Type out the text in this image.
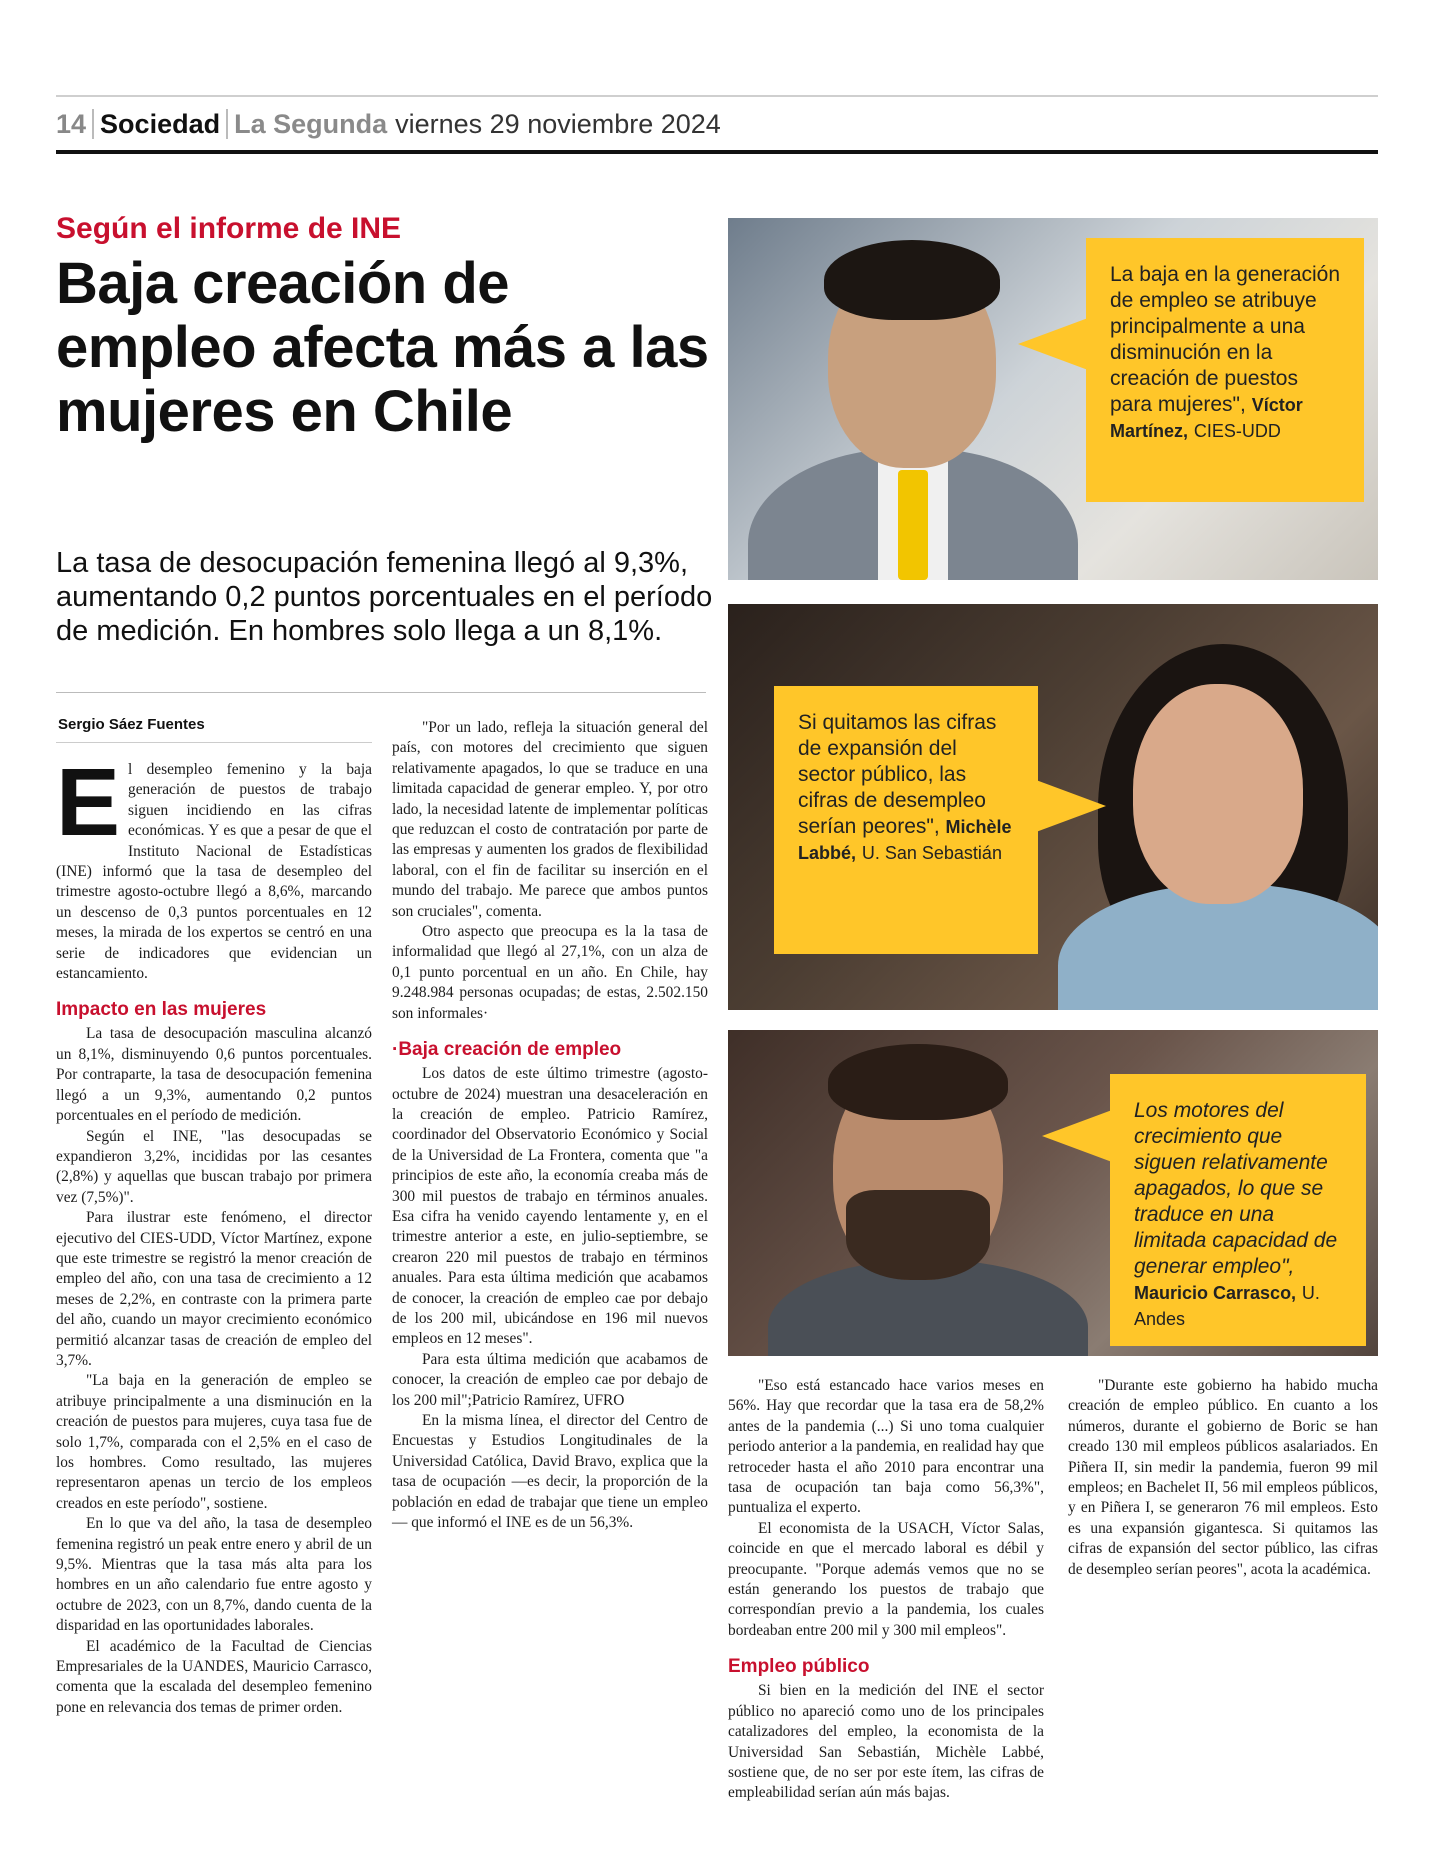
14 Sociedad La Segunda viernes 29 noviembre 2024
Según el informe de INE
Baja creación de empleo afecta más a las mujeres en Chile
La tasa de desocupación femenina llegó al 9,3%, aumentando 0,2 puntos porcentuales en el período de medición. En hombres solo llega a un 8,1%.
Sergio Sáez Fuentes

El desempleo femenino y la baja generación de puestos de trabajo siguen incidiendo en las cifras económicas. Y es que a pesar de que el Instituto Nacional de Estadísticas (INE) informó que la tasa de desempleo del trimestre agosto-octubre llegó a 8,6%, marcando un descenso de 0,3 puntos porcentuales en 12 meses, la mirada de los expertos se centró en una serie de indicadores que evidencian un estancamiento.

Impacto en las mujeres

La tasa de desocupación masculina alcanzó un 8,1%, disminuyendo 0,6 puntos porcentuales. Por contraparte, la tasa de desocupación femenina llegó a un 9,3%, aumentando 0,2 puntos porcentuales en el período de medición.

Según el INE, "las desocupadas se expandieron 3,2%, incididas por las cesantes (2,8%) y aquellas que buscan trabajo por primera vez (7,5%)".

Para ilustrar este fenómeno, el director ejecutivo del CIES-UDD, Víctor Martínez, expone que este trimestre se registró la menor creación de empleo del año, con una tasa de crecimiento a 12 meses de 2,2%, en contraste con la primera parte del año, cuando un mayor crecimiento económico permitió alcanzar tasas de creación de empleo del 3,7%.

"La baja en la generación de empleo se atribuye principalmente a una disminución en la creación de puestos para mujeres, cuya tasa fue de solo 1,7%, comparada con el 2,5% en el caso de los hombres. Como resultado, las mujeres representaron apenas un tercio de los empleos creados en este período", sostiene.

En lo que va del año, la tasa de desempleo femenina registró un peak entre enero y abril de un 9,5%. Mientras que la tasa más alta para los hombres en un año calendario fue entre agosto y octubre de 2023, con un 8,7%, dando cuenta de la disparidad en las oportunidades laborales.

El académico de la Facultad de Ciencias Empresariales de la UANDES, Mauricio Carrasco, comenta que la escalada del desempleo femenino pone en relevancia dos temas de primer orden.

"Por un lado, refleja la situación general del país, con motores del crecimiento que siguen relativamente apagados, lo que se traduce en una limitada capacidad de generar empleo. Y, por otro lado, la necesidad latente de implementar políticas que reduzcan el costo de contratación por parte de las empresas y aumenten los grados de flexibilidad laboral, con el fin de facilitar su inserción en el mundo del trabajo. Me parece que ambos puntos son cruciales", comenta.

Otro aspecto que preocupa es la la tasa de informalidad que llegó al 27,1%, con un alza de 0,1 punto porcentual en un año. En Chile, hay 9.248.984 personas ocupadas; de estas, 2.502.150 son informales·

·Baja creación de empleo

Los datos de este último trimestre (agosto-octubre de 2024) muestran una desaceleración en la creación de empleo. Patricio Ramírez, coordinador del Observatorio Económico y Social de la Universidad de La Frontera, comenta que "a principios de este año, la economía creaba más de 300 mil puestos de trabajo en términos anuales. Esa cifra ha venido cayendo lentamente y, en el trimestre anterior a este, en julio-septiembre, se crearon 220 mil puestos de trabajo en términos anuales. Para esta última medición que acabamos de conocer, la creación de empleo cae por debajo de los 200 mil, ubicándose en 196 mil nuevos empleos en 12 meses".

Para esta última medición que acabamos de conocer, la creación de empleo cae por debajo de los 200 mil";Patricio Ramírez, UFRO

En la misma línea, el director del Centro de Encuestas y Estudios Longitudinales de la Universidad Católica, David Bravo, explica que la tasa de ocupación —es decir, la proporción de la población en edad de trabajar que tiene un empleo— que informó el INE es de un 56,3%.

"Eso está estancado hace varios meses en 56%. Hay que recordar que la tasa era de 58,2% antes de la pandemia (...) Si uno toma cualquier periodo anterior a la pandemia, en realidad hay que retroceder hasta el año 2010 para encontrar una tasa de ocupación tan baja como 56,3%", puntualiza el experto.

El economista de la USACH, Víctor Salas, coincide en que el mercado laboral es débil y preocupante. "Porque además vemos que no se están generando los puestos de trabajo que correspondían previo a la pandemia, los cuales bordeaban entre 200 mil y 300 mil empleos".

Empleo público

Si bien en la medición del INE el sector público no apareció como uno de los principales catalizadores del empleo, la economista de la Universidad San Sebastián, Michèle Labbé, sostiene que, de no ser por este ítem, las cifras de empleabilidad serían aún más bajas.

"Durante este gobierno ha habido mucha creación de empleo público. En cuanto a los números, durante el gobierno de Boric se han creado 130 mil empleos públicos asalariados. En Piñera II, sin medir la pandemia, fueron 99 mil empleos; en Bachelet II, 56 mil empleos públicos, y en Piñera I, se generaron 76 mil empleos. Esto es una expansión gigantesca. Si quitamos las cifras de expansión del sector público, las cifras de desempleo serían peores", acota la académica.

La baja en la generación de empleo se atribuye principalmente a una disminución en la creación de puestos para mujeres", Víctor Martínez, CIES-UDD
Si quitamos las cifras de expansión del sector público, las cifras de desempleo serían peores", Michèle Labbé, U. San Sebastián
Los motores del crecimiento que siguen relativamente apagados, lo que se traduce en una limitada capacidad de generar empleo", Mauricio Carrasco, U. Andes
